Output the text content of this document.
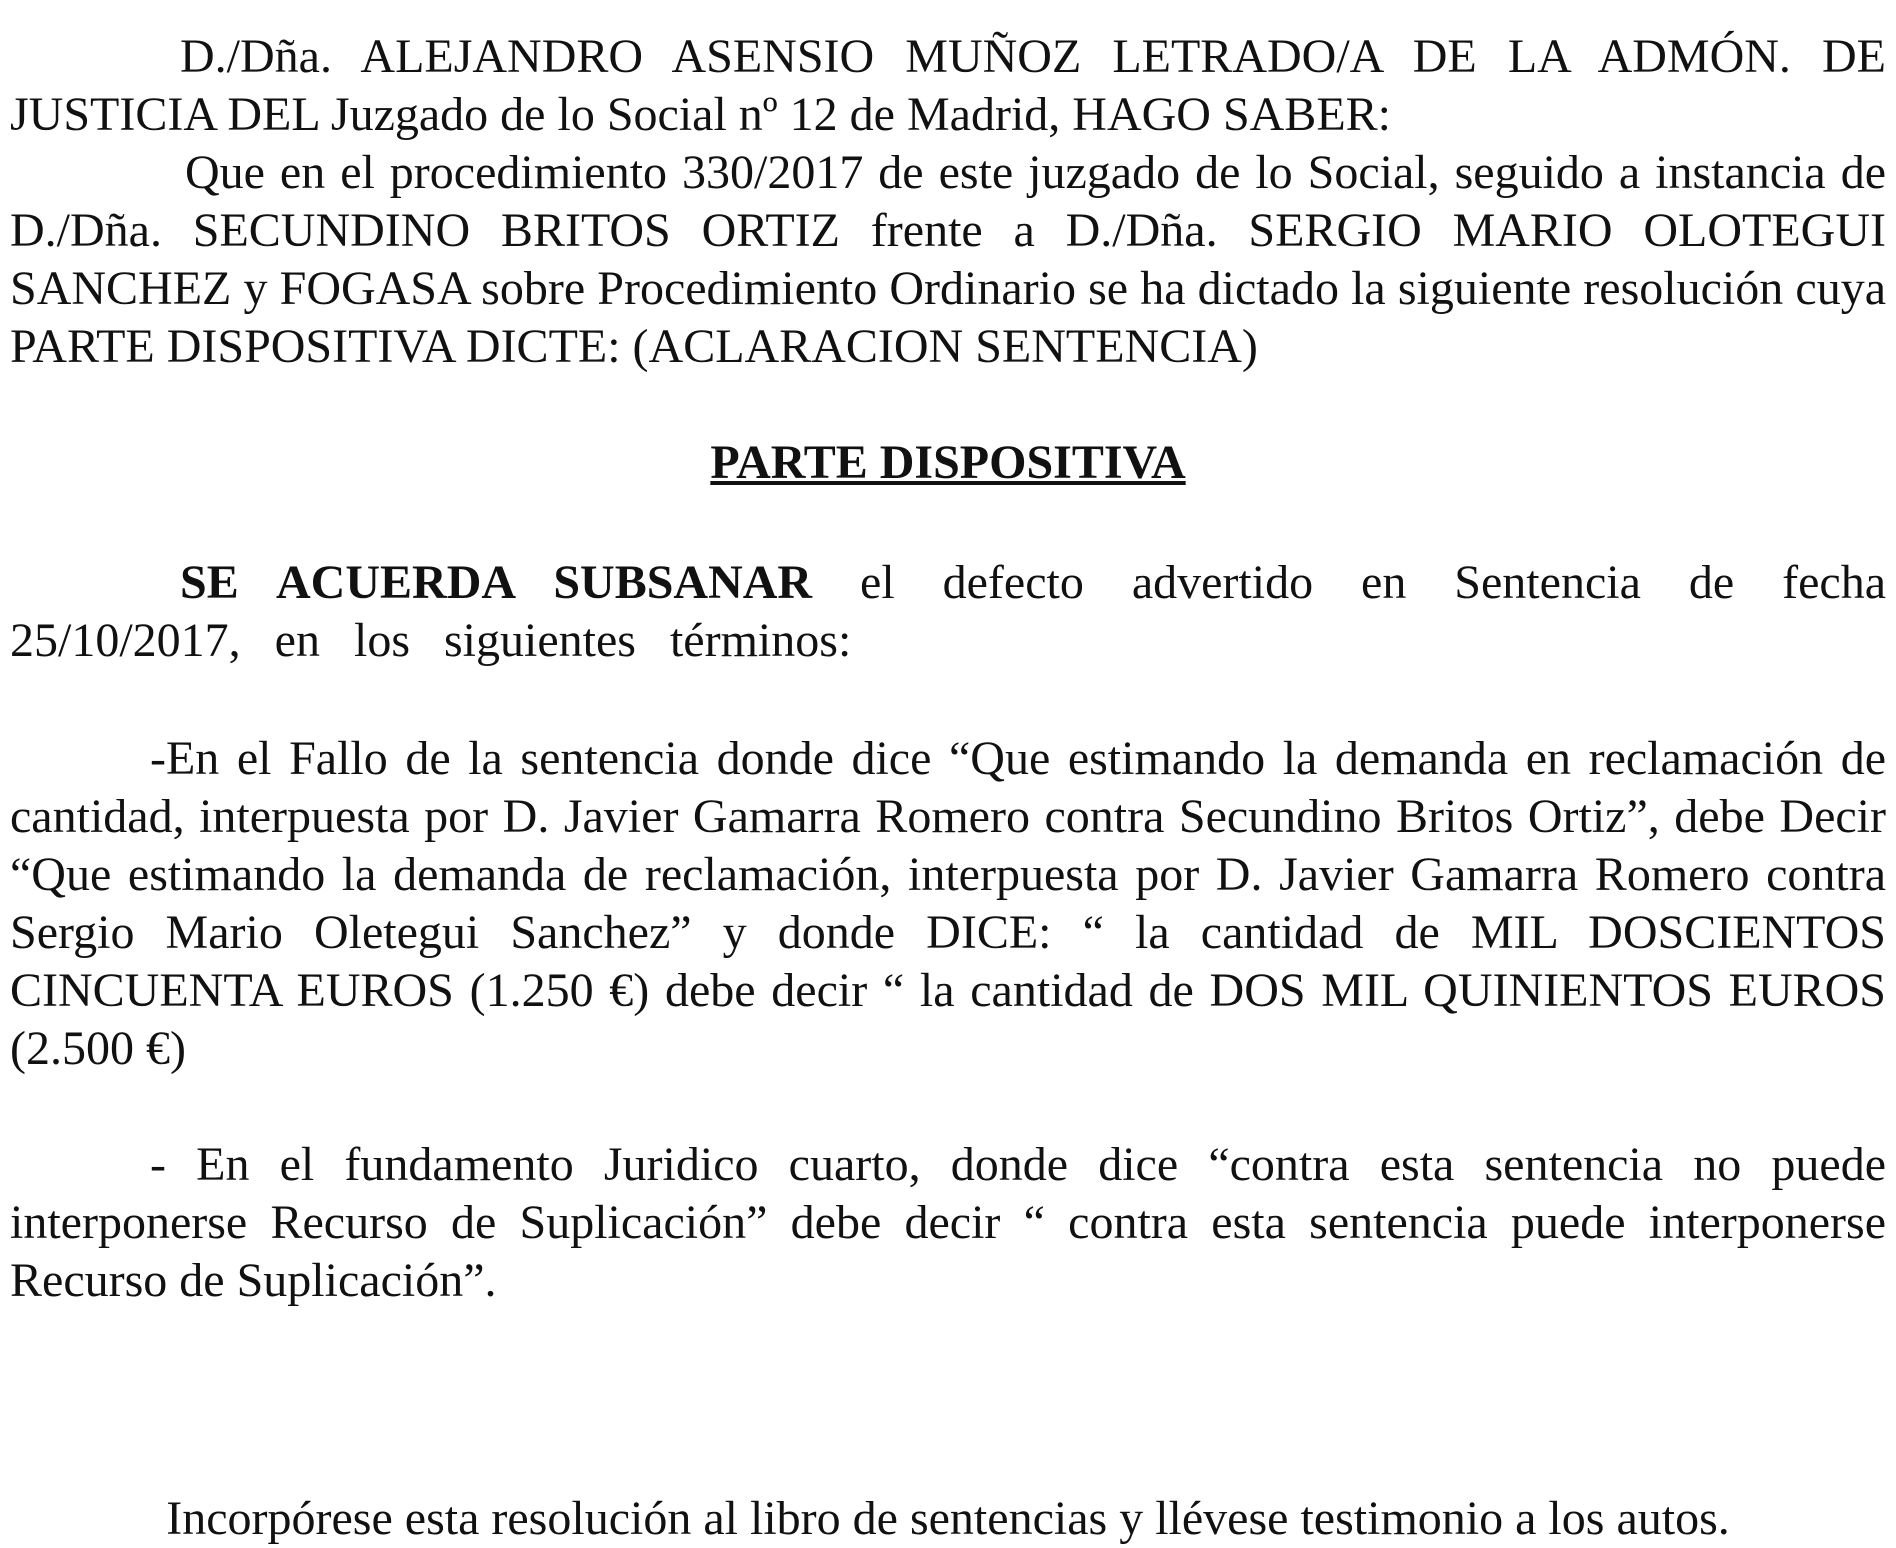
D./Dña. ALEJANDRO ASENSIO MUÑOZ LETRADO/A DE LA ADMÓN. DE JUSTICIA DEL Juzgado de lo Social nº 12 de Madrid, HAGO SABER:

Que en el procedimiento 330/2017 de este juzgado de lo Social, seguido a instancia de D./Dña. SECUNDINO BRITOS ORTIZ frente a D./Dña. SERGIO MARIO OLOTEGUI SANCHEZ y FOGASA sobre Procedimiento Ordinario se ha dictado la siguiente resolución cuya PARTE DISPOSITIVA DICTE: (ACLARACION SENTENCIA)

PARTE DISPOSITIVA

SE ACUERDA SUBSANAR el defecto advertido en Sentencia de fecha 25/10/2017, en los siguientes términos:

-En el Fallo de la sentencia donde dice “Que estimando la demanda en reclamación de cantidad, interpuesta por D. Javier Gamarra Romero contra Secundino Britos Ortiz”, debe Decir “Que estimando la demanda de reclamación, interpuesta por D. Javier Gamarra Romero contra Sergio Mario Oletegui Sanchez” y donde DICE: “ la cantidad de MIL DOSCIENTOS CINCUENTA EUROS (1.250 €) debe decir “ la cantidad de DOS MIL QUINIENTOS EUROS (2.500 €)

- En el fundamento Juridico cuarto, donde dice “contra esta sentencia no puede interponerse Recurso de Suplicación” debe decir “ contra esta sentencia puede interponerse Recurso de Suplicación”.

Incorpórese esta resolución al libro de sentencias y llévese testimonio a los autos.
